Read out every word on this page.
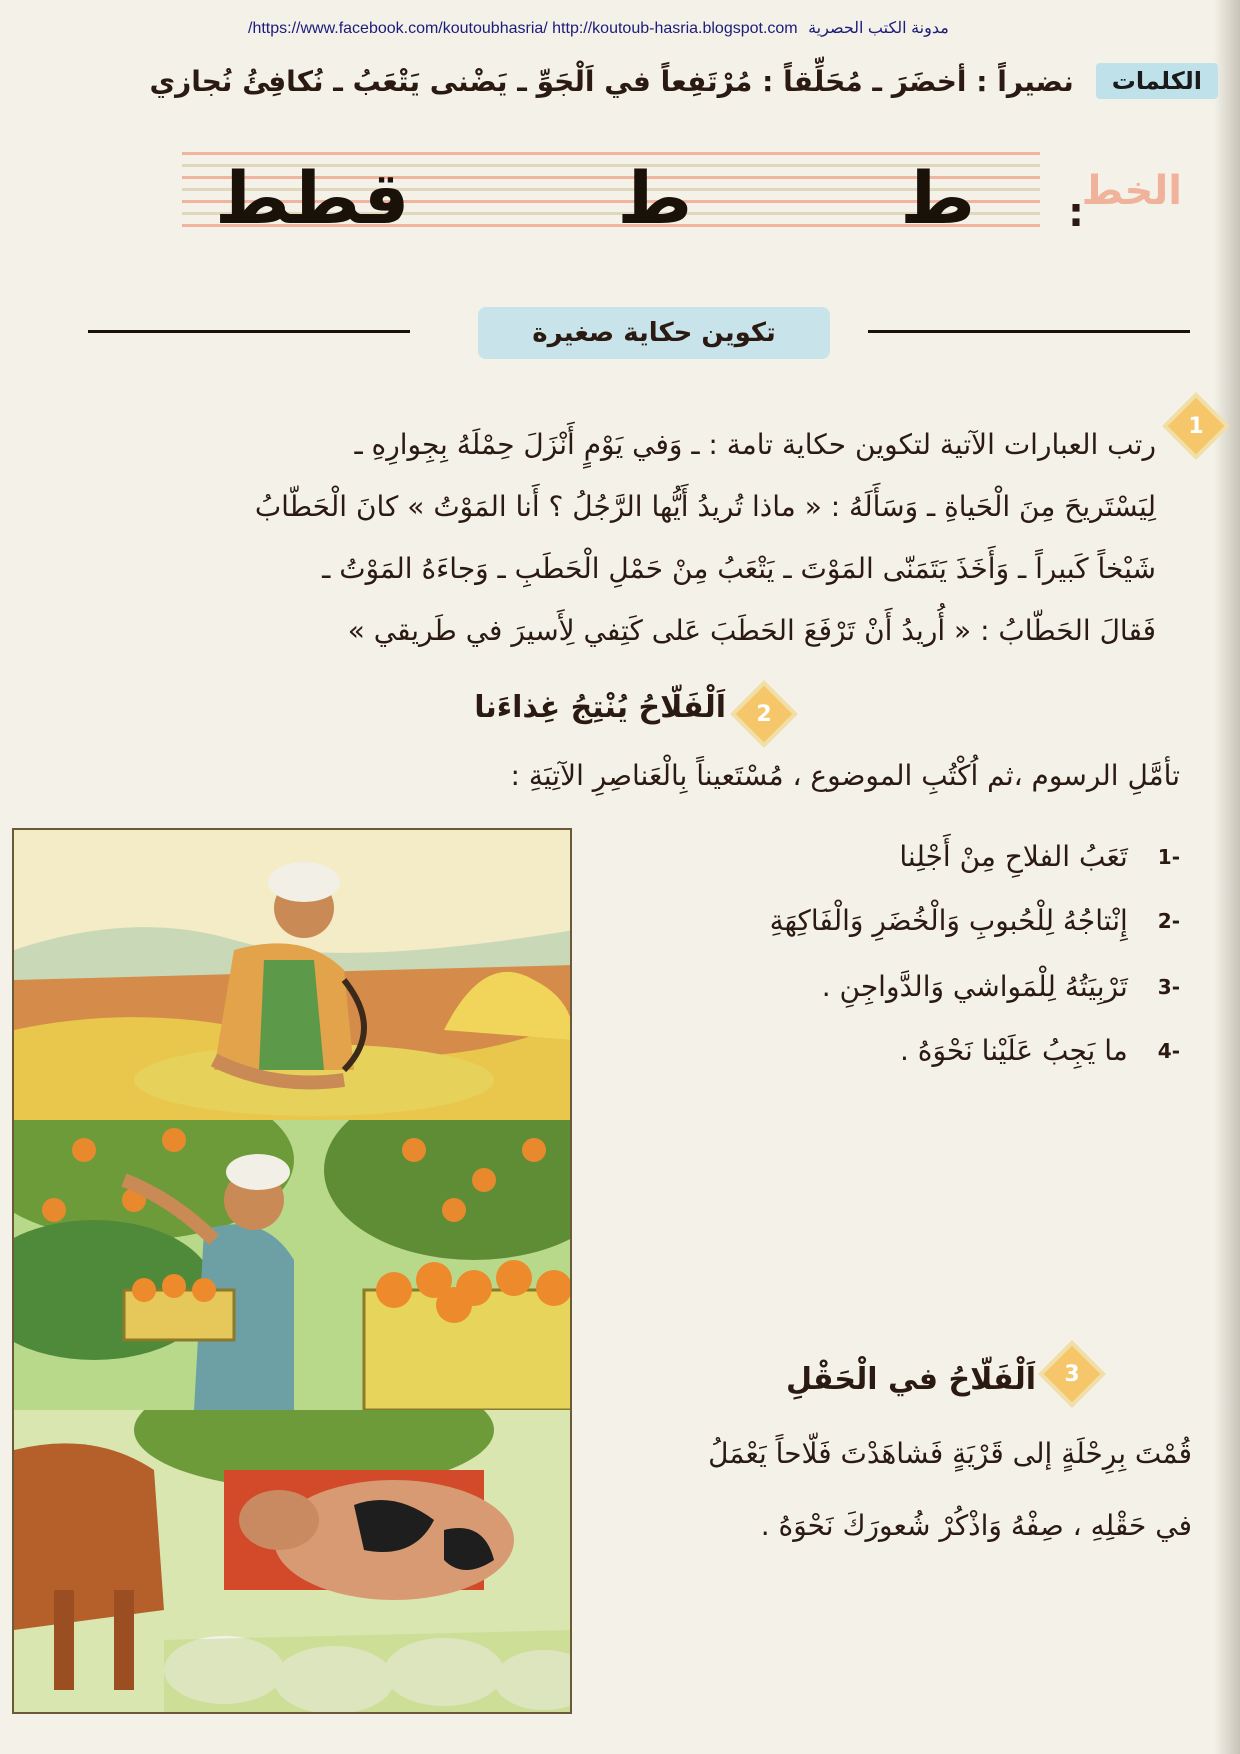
/https://www.facebook.com/koutoubhasria/ http://koutoub-hasria.blogspot.com مدونة الكتب الحصرية
الكلمات
نضيراً : أخضَرَ ـ مُحَلِّقاً : مُرْتَفِعاً في اَلْجَوِّ ـ يَضْنى يَتْعَبُ ـ نُكافِئُ نُجازي
الخط
:
ط
ط
قطط
تكوين حكاية صغيرة
1
رتب العبارات الآتية لتكوين حكاية تامة : ـ وَفي يَوْمٍ أَنْزَلَ حِمْلَهُ بِجِوارِهِ ـ
لِيَسْتَريحَ مِنَ الْحَياةِ ـ وَسَأَلَهُ : « ماذا تُريدُ أَيُّها الرَّجُلُ ؟ أَنا المَوْتُ » كانَ الْحَطّابُ
شَيْخاً كَبيراً ـ وَأَخَذَ يَتَمَنّى المَوْتَ ـ يَتْعَبُ مِنْ حَمْلِ الْحَطَبِ ـ وَجاءَهُ المَوْتُ ـ
فَقالَ الحَطّابُ : « أُريدُ أَنْ تَرْفَعَ الحَطَبَ عَلى كَتِفي لِأَسيرَ في طَريقي »
2
اَلْفَلّاحُ يُنْتِجُ غِذاءَنا
تأمَّلِ الرسوم ،ثم اُكْتُبِ الموضوع ، مُسْتَعيناً بِالْعَناصِرِ الآتِيَةِ :
1-
تَعَبُ الفلاحِ مِنْ أَجْلِنا
2-
إِنْتاجُهُ لِلْحُبوبِ وَالْخُضَرِ وَالْفَاكِهَةِ
3-
تَرْبِيَتُهُ لِلْمَواشي وَالدَّواجِنِ .
4-
ما يَجِبُ عَلَيْنا نَحْوَهُ .
3
اَلْفَلّاحُ في الْحَقْلِ
قُمْتَ بِرِحْلَةٍ إلى قَرْيَةٍ فَشاهَدْتَ فَلّاحاً يَعْمَلُ
في حَقْلِهِ ، صِفْهُ وَاذْكُرْ شُعورَكَ نَحْوَهُ .
